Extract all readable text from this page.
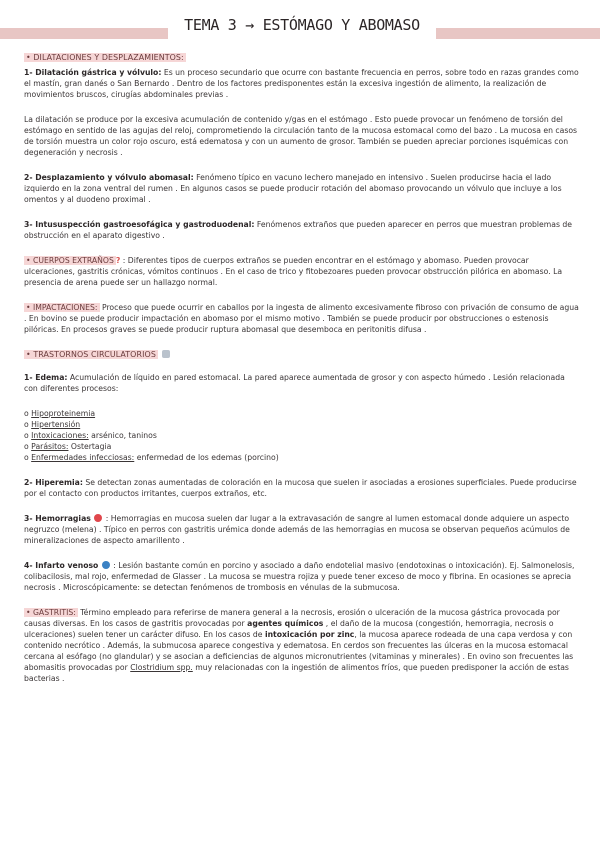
TEMA 3 → ESTÓMAGO Y ABOMASO

• DILATACIONES Y DESPLAZAMIENTOS:

1- Dilatación gástrica y vólvulo: Es un proceso secundario que ocurre con bastante frecuencia en perros, sobre todo en razas grandes como el mastín, gran danés o San Bernardo . Dentro de los factores predisponentes están la excesiva ingestión de alimento, la realización de movimientos bruscos, cirugías abdominales previas .

La dilatación se produce por la excesiva acumulación de contenido y/gas en el estómago . Esto puede provocar un fenómeno de torsión del estómago en sentido de las agujas del reloj, comprometiendo la circulación tanto de la mucosa estomacal como del bazo . La mucosa en casos de torsión muestra un color rojo oscuro, está edematosa y con un aumento de grosor. También se pueden apreciar porciones isquémicas con degeneración y necrosis .

2- Desplazamiento y vólvulo abomasal: Fenómeno típico en vacuno lechero manejado en intensivo . Suelen producirse hacia el lado izquierdo en la zona ventral del rumen . En algunos casos se puede producir rotación del abomaso provocando un vólvulo que incluye a los omentos y al duodeno proximal .

3- Intususpección gastroesofágica y gastroduodenal: Fenómenos extraños que pueden aparecer en perros que muestran problemas de obstrucción en el aparato digestivo .

• CUERPOS EXTRAÑOS ? : Diferentes tipos de cuerpos extraños se pueden encontrar en el estómago y abomaso. Pueden provocar ulceraciones, gastritis crónicas, vómitos continuos . En el caso de trico y fitobezoares pueden provocar obstrucción pilórica en abomaso. La presencia de arena puede ser un hallazgo normal.

• IMPACTACIONES: Proceso que puede ocurrir en caballos por la ingesta de alimento excesivamente fibroso con privación de consumo de agua . En bovino se puede producir impactación en abomaso por el mismo motivo . También se puede producir por obstrucciones o estenosis pilóricas. En procesos graves se puede producir ruptura abomasal que desemboca en peritonitis difusa .

• TRASTORNOS CIRCULATORIOS

1- Edema: Acumulación de líquido en pared estomacal. La pared aparece aumentada de grosor y con aspecto húmedo . Lesión relacionada con diferentes procesos:

o Hipoproteinemia
o Hipertensión
o Intoxicaciones: arsénico, taninos
o Parásitos: Ostertagia
o Enfermedades infecciosas: enfermedad de los edemas (porcino)

2- Hiperemia: Se detectan zonas aumentadas de coloración en la mucosa que suelen ir asociadas a erosiones superficiales. Puede producirse por el contacto con productos irritantes, cuerpos extraños, etc.

3- Hemorragias  : Hemorragias en mucosa suelen dar lugar a la extravasación de sangre al lumen estomacal donde adquiere un aspecto negruzco (melena) . Típico en perros con gastritis urémica donde además de las hemorragias en mucosa se observan pequeños acúmulos de mineralizaciones de aspecto amarillento .

4- Infarto venoso  : Lesión bastante común en porcino y asociado a daño endotelial masivo (endotoxinas o intoxicación). Ej. Salmonelosis, colibacilosis, mal rojo, enfermedad de Glasser . La mucosa se muestra rojiza y puede tener exceso de moco y fibrina. En ocasiones se aprecia necrosis . Microscópicamente: se detectan fenómenos de trombosis en vénulas de la submucosa.

• GASTRITIS: Término empleado para referirse de manera general a la necrosis, erosión o ulceración de la mucosa gástrica provocada por causas diversas. En los casos de gastritis provocadas por agentes químicos , el daño de la mucosa (congestión, hemorragia, necrosis o ulceraciones) suelen tener un carácter difuso. En los casos de intoxicación por zinc, la mucosa aparece rodeada de una capa verdosa y con contenido necrótico . Además, la submucosa aparece congestiva y edematosa. En cerdos son frecuentes las úlceras en la mucosa estomacal cercana al esófago (no glandular) y se asocian a deficiencias de algunos micronutrientes (vitaminas y minerales) . En ovino son frecuentes las abomasitis provocadas por Clostridium spp. muy relacionadas con la ingestión de alimentos fríos, que pueden predisponer la acción de estas bacterias .
